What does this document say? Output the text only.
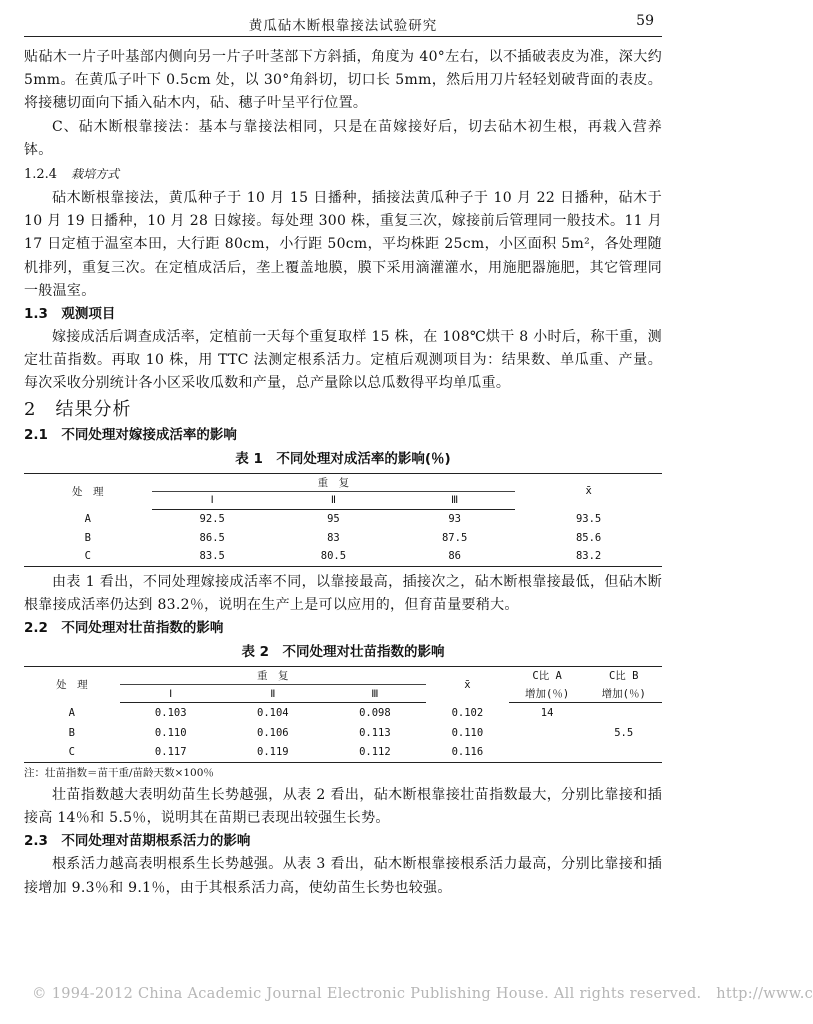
黄瓜砧木断根靠接法试验研究	59

贴砧木一片子叶基部内侧向另一片子叶茎部下方斜插，角度为 40°左右，以不插破表皮为准，深大约 5mm。在黄瓜子叶下 0.5cm 处，以 30°角斜切，切口长 5mm，然后用刀片轻轻划破背面的表皮。将接穗切面向下插入砧木内，砧、穗子叶呈平行位置。

C、砧木断根靠接法：基本与靠接法相同，只是在苗嫁接好后，切去砧木初生根，再栽入营养钵。

1.2.4 栽培方式

砧木断根靠接法，黄瓜种子于 10 月 15 日播种，插接法黄瓜种子于 10 月 22 日播种，砧木于 10 月 19 日播种，10 月 28 日嫁接。每处理 300 株，重复三次，嫁接前后管理同一般技术。11 月 17 日定植于温室本田，大行距 80cm，小行距 50cm，平均株距 25cm，小区面积 5m²，各处理随机排列，重复三次。在定植成活后，垄上覆盖地膜，膜下采用滴灌灌水，用施肥器施肥，其它管理同一般温室。

1.3　观测项目

嫁接成活后调查成活率，定植前一天每个重复取样 15 株，在 108℃烘干 8 小时后，称干重，测定壮苗指数。再取 10 株，用 TTC 法测定根系活力。定植后观测项目为：结果数、单瓜重、产量。每次采收分别统计各小区采收瓜数和产量，总产量除以总瓜数得平均单瓜重。

2　结果分析
2.1　不同处理对嫁接成活率的影响
表 1　不同处理对成活率的影响(％)
处　理	重　复			x̄
	Ⅰ	Ⅱ	Ⅲ	
A	92.5	95	93	93.5
B	86.5	83	87.5	85.6
C	83.5	80.5	86	83.2

由表 1 看出，不同处理嫁接成活率不同，以靠接最高，插接次之，砧木断根靠接最低，但砧木断根靠接成活率仍达到 83.2％，说明在生产上是可以应用的，但育苗量要稍大。

2.2　不同处理对壮苗指数的影响
表 2　不同处理对壮苗指数的影响
处　理	重　复			x̄	C比 A	C比 B
	Ⅰ	Ⅱ	Ⅲ		增加(％)	增加(％)
A	0.103	0.104	0.098	0.102	14	
B	0.110	0.106	0.113	0.110		5.5
C	0.117	0.119	0.112	0.116		
注：壮苗指数＝苗干重/苗龄天数×100％

壮苗指数越大表明幼苗生长势越强，从表 2 看出，砧木断根靠接壮苗指数最大，分别比靠接和插接高 14％和 5.5％，说明其在苗期已表现出较强生长势。

2.3　不同处理对苗期根系活力的影响

根系活力越高表明根系生长势越强。从表 3 看出，砧木断根靠接根系活力最高，分别比靠接和插接增加 9.3％和 9.1％，由于其根系活力高，使幼苗生长势也较强。

© 1994-2012 China Academic Journal Electronic Publishing House. All rights reserved.　http://www.c
